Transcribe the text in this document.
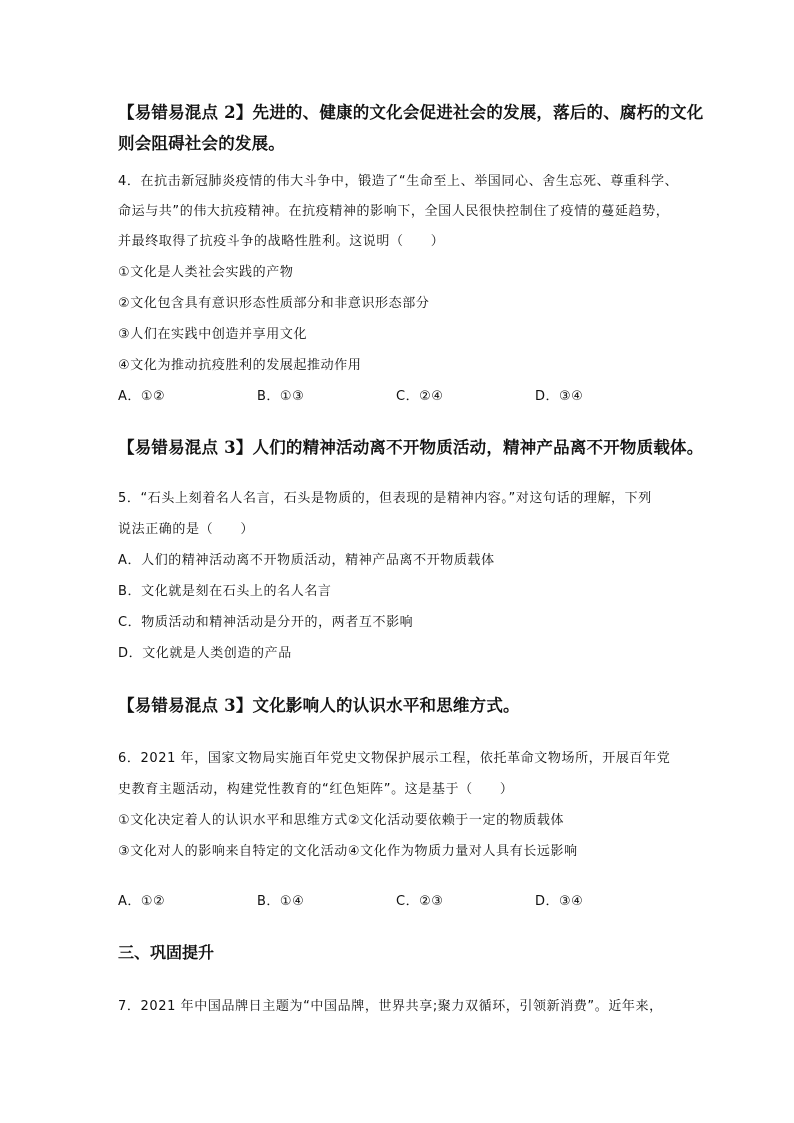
【易错易混点 2】先进的、健康的文化会促进社会的发展，落后的、腐朽的文化
则会阻碍社会的发展。
4．在抗击新冠肺炎疫情的伟大斗争中，锻造了“生命至上、举国同心、舍生忘死、尊重科学、
命运与共”的伟大抗疫精神。在抗疫精神的影响下，全国人民很快控制住了疫情的蔓延趋势，
并最终取得了抗疫斗争的战略性胜利。这说明（　　）
①文化是人类社会实践的产物
②文化包含具有意识形态性质部分和非意识形态部分
③人们在实践中创造并享用文化
④文化为推动抗疫胜利的发展起推动作用
A．①②	B．①③	C．②④	D．③④
【易错易混点 3】人们的精神活动离不开物质活动，精神产品离不开物质载体。
5．“石头上刻着名人名言，石头是物质的，但表现的是精神内容。”对这句话的理解，下列
说法正确的是（　　）
A．人们的精神活动离不开物质活动，精神产品离不开物质载体
B．文化就是刻在石头上的名人名言
C．物质活动和精神活动是分开的，两者互不影响
D．文化就是人类创造的产品
【易错易混点 3】文化影响人的认识水平和思维方式。
6．2021 年，国家文物局实施百年党史文物保护展示工程，依托革命文物场所，开展百年党
史教育主题活动，构建党性教育的“红色矩阵”。这是基于（　　）
①文化决定着人的认识水平和思维方式②文化活动要依赖于一定的物质载体
③文化对人的影响来自特定的文化活动④文化作为物质力量对人具有长远影响
A．①②	B．①④	C．②③	D．③④
三、巩固提升
7．2021 年中国品牌日主题为“中国品牌，世界共享;聚力双循环，引领新消费”。近年来，
